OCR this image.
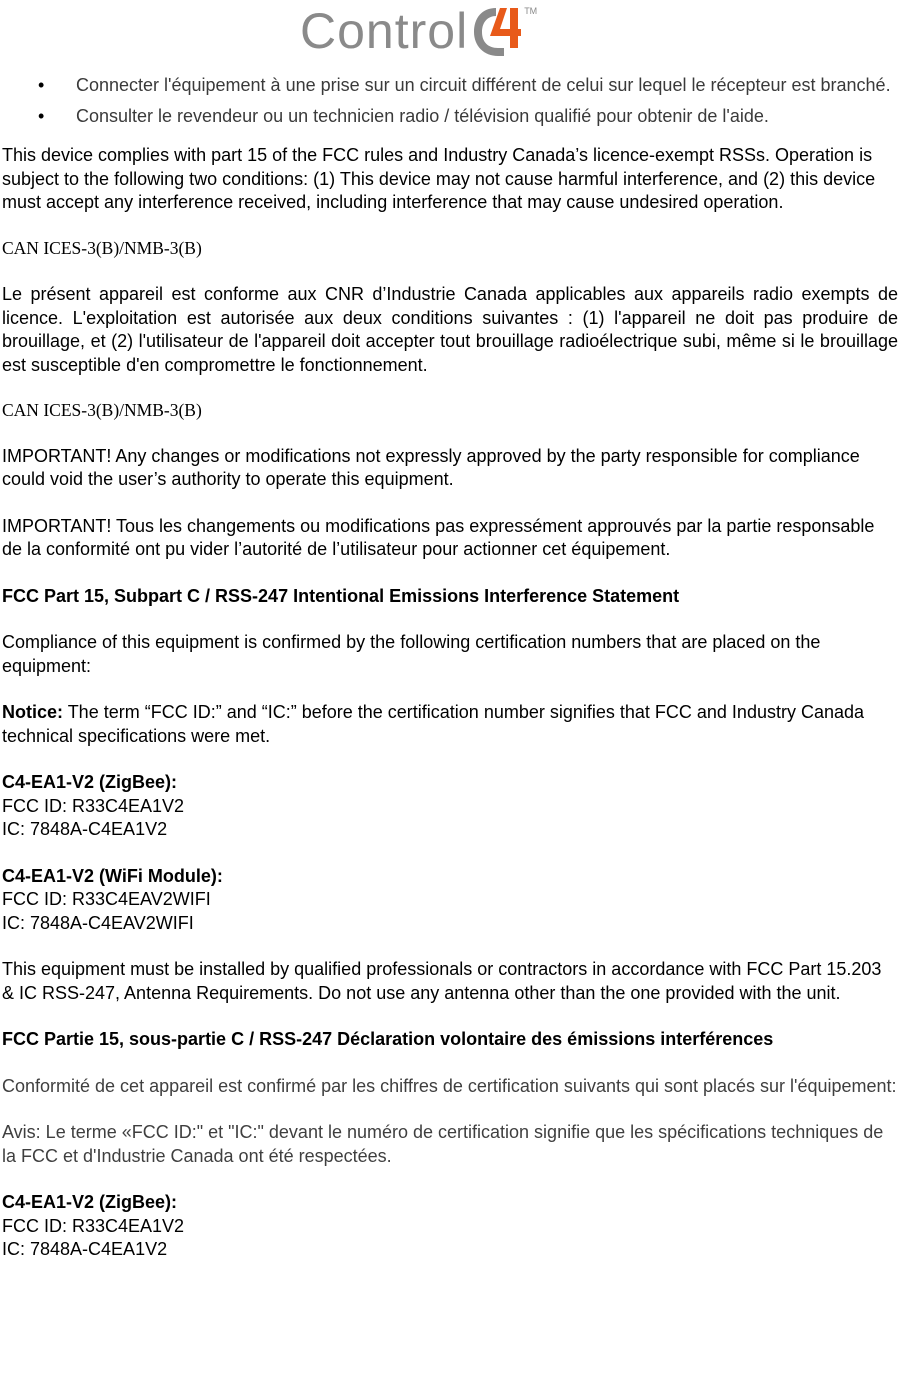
Control	TM
• Connecter l'équipement à une prise sur un circuit différent de celui sur lequel le récepteur est branché.
• Consulter le revendeur ou un technicien radio / télévision qualifié pour obtenir de l'aide.

This device complies with part 15 of the FCC rules and Industry Canada’s licence-exempt RSSs. Operation is subject to the following two conditions: (1) This device may not cause harmful interference, and (2) this device must accept any interference received, including interference that may cause undesired operation.

CAN ICES-3(B)/NMB-3(B)

Le présent appareil est conforme aux CNR d’Industrie Canada applicables aux appareils radio exempts de licence. L'exploitation est autorisée aux deux conditions suivantes : (1) l'appareil ne doit pas produire de brouillage, et (2) l'utilisateur de l'appareil doit accepter tout brouillage radioélectrique subi, même si le brouillage est susceptible d'en compromettre le fonctionnement.

CAN ICES-3(B)/NMB-3(B)

IMPORTANT! Any changes or modifications not expressly approved by the party responsible for compliance could void the user’s authority to operate this equipment.

IMPORTANT! Tous les changements ou modifications pas expressément approuvés par la partie responsable de la conformité ont pu vider l’autorité de l’utilisateur pour actionner cet équipement.

FCC Part 15, Subpart C / RSS-247 Intentional Emissions Interference Statement

Compliance of this equipment is confirmed by the following certification numbers that are placed on the equipment:

Notice: The term “FCC ID:” and “IC:” before the certification number signifies that FCC and Industry Canada technical specifications were met.

C4-EA1-V2 (ZigBee):
FCC ID: R33C4EA1V2
IC: 7848A-C4EA1V2
C4-EA1-V2 (WiFi Module):
FCC ID: R33C4EAV2WIFI
IC: 7848A-C4EAV2WIFI

This equipment must be installed by qualified professionals or contractors in accordance with FCC Part 15.203 & IC RSS-247, Antenna Requirements. Do not use any antenna other than the one provided with the unit.

FCC Partie 15, sous-partie C / RSS-247 Déclaration volontaire des émissions interférences

Conformité de cet appareil est confirmé par les chiffres de certification suivants qui sont placés sur l'équipement:

Avis: Le terme «FCC ID:" et "IC:" devant le numéro de certification signifie que les spécifications techniques de la FCC et d'Industrie Canada ont été respectées.

C4-EA1-V2 (ZigBee):
FCC ID: R33C4EA1V2
IC: 7848A-C4EA1V2
